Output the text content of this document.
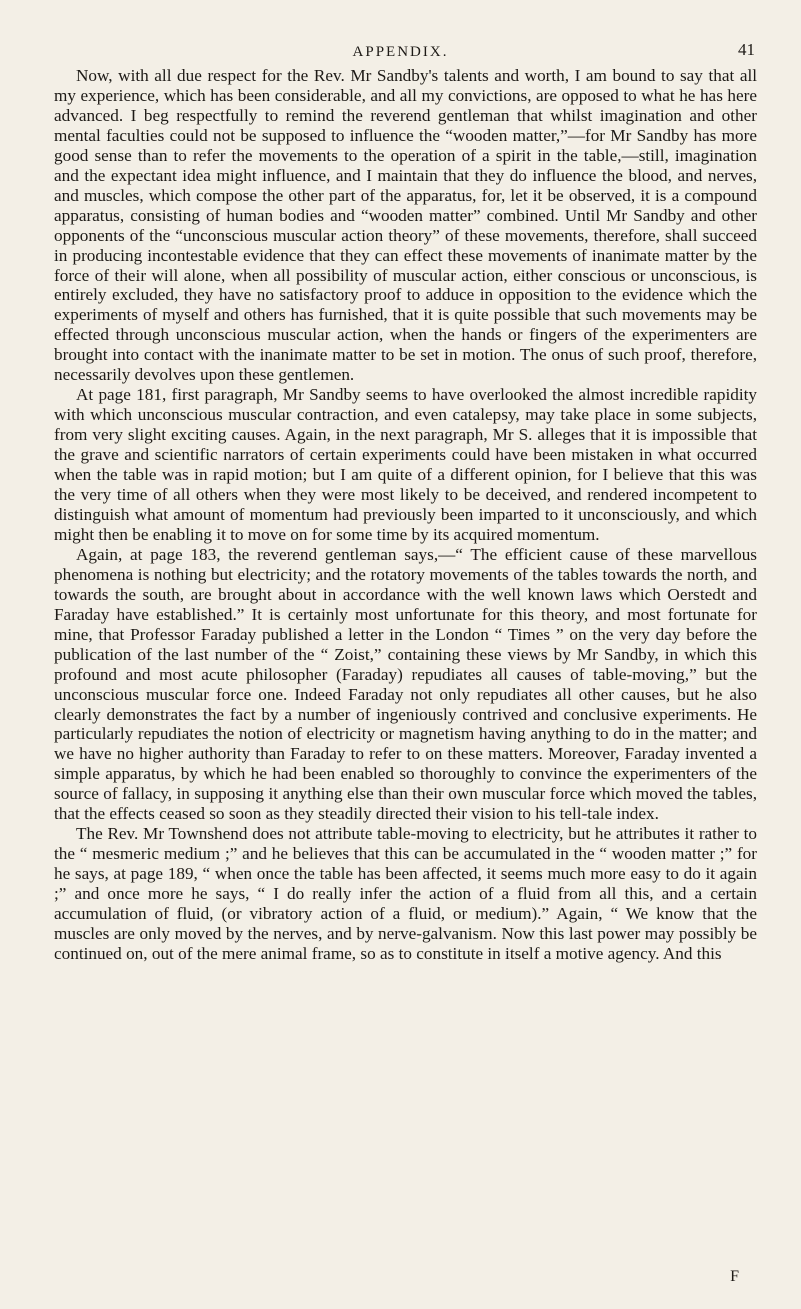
APPENDIX.	41

Now, with all due respect for the Rev. Mr Sandby's talents and worth, I am bound to say that all my experience, which has been considerable, and all my convictions, are opposed to what he has here advanced. I beg respectfully to remind the reverend gentleman that whilst imagination and other mental faculties could not be supposed to influence the “wooden matter,”—for Mr Sandby has more good sense than to refer the movements to the operation of a spirit in the table,—still, imagination and the expectant idea might influence, and I maintain that they do influence the blood, and nerves, and muscles, which compose the other part of the apparatus, for, let it be observed, it is a compound apparatus, consisting of human bodies and “wooden matter” combined. Until Mr Sandby and other opponents of the “unconscious muscular action theory” of these movements, therefore, shall succeed in producing incontestable evidence that they can effect these movements of inanimate matter by the force of their will alone, when all possibility of muscular action, either conscious or unconscious, is entirely excluded, they have no satisfactory proof to adduce in opposition to the evidence which the experiments of myself and others has furnished, that it is quite possible that such movements may be effected through unconscious muscular action, when the hands or fingers of the experimenters are brought into contact with the inanimate matter to be set in motion. The onus of such proof, therefore, necessarily devolves upon these gentlemen.

At page 181, first paragraph, Mr Sandby seems to have overlooked the almost incredible rapidity with which unconscious muscular contraction, and even catalepsy, may take place in some subjects, from very slight exciting causes. Again, in the next paragraph, Mr S. alleges that it is impossible that the grave and scientific narrators of certain experiments could have been mistaken in what occurred when the table was in rapid motion; but I am quite of a different opinion, for I believe that this was the very time of all others when they were most likely to be deceived, and rendered incompetent to distinguish what amount of momentum had previously been imparted to it unconsciously, and which might then be enabling it to move on for some time by its acquired momentum.

Again, at page 183, the reverend gentleman says,—“ The efficient cause of these marvellous phenomena is nothing but electricity; and the rotatory movements of the tables towards the north, and towards the south, are brought about in accordance with the well known laws which Oerstedt and Faraday have established.” It is certainly most unfortunate for this theory, and most fortunate for mine, that Professor Faraday published a letter in the London “ Times ” on the very day before the publication of the last number of the “ Zoist,” containing these views by Mr Sandby, in which this profound and most acute philosopher (Faraday) repudiates all causes of table-moving,” but the unconscious muscular force one. Indeed Faraday not only repudiates all other causes, but he also clearly demonstrates the fact by a number of ingeniously contrived and conclusive experiments. He particularly repudiates the notion of electricity or magnetism having anything to do in the matter; and we have no higher authority than Faraday to refer to on these matters. Moreover, Faraday invented a simple apparatus, by which he had been enabled so thoroughly to convince the experimenters of the source of fallacy, in supposing it anything else than their own muscular force which moved the tables, that the effects ceased so soon as they steadily directed their vision to his tell-tale index.

The Rev. Mr Townshend does not attribute table-moving to electricity, but he attributes it rather to the “ mesmeric medium ;” and he believes that this can be accumulated in the “ wooden matter ;” for he says, at page 189, “ when once the table has been affected, it seems much more easy to do it again ;” and once more he says, “ I do really infer the action of a fluid from all this, and a certain accumulation of fluid, (or vibratory action of a fluid, or medium).” Again, “ We know that the muscles are only moved by the nerves, and by nerve-galvanism. Now this last power may possibly be continued on, out of the mere animal frame, so as to constitute in itself a motive agency. And this

F
